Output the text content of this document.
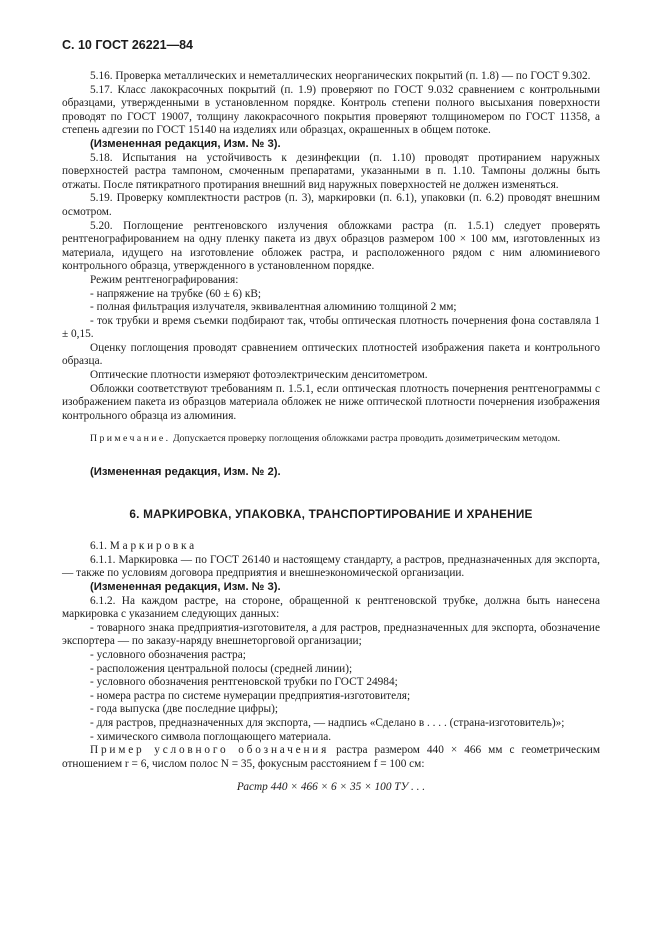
С. 10 ГОСТ 26221—84

5.16. Проверка металлических и неметаллических неорганических покрытий (п. 1.8) — по ГОСТ 9.302.

5.17. Класс лакокрасочных покрытий (п. 1.9) проверяют по ГОСТ 9.032 сравнением с контрольными образцами, утвержденными в установленном порядке. Контроль степени полного высыхания поверхности проводят по ГОСТ 19007, толщину лакокрасочного покрытия проверяют толщиномером по ГОСТ 11358, а степень адгезии по ГОСТ 15140 на изделиях или образцах, окрашенных в общем потоке.

(Измененная редакция, Изм. № 3).

5.18. Испытания на устойчивость к дезинфекции (п. 1.10) проводят протиранием наружных поверхностей растра тампоном, смоченным препаратами, указанными в п. 1.10. Тампоны должны быть отжаты. После пятикратного протирания внешний вид наружных поверхностей не должен изменяться.

5.19. Проверку комплектности растров (п. 3), маркировки (п. 6.1), упаковки (п. 6.2) проводят внешним осмотром.

5.20. Поглощение рентгеновского излучения обложками растра (п. 1.5.1) следует проверять рентгенографированием на одну пленку пакета из двух образцов размером 100 × 100 мм, изготовленных из материала, идущего на изготовление обложек растра, и расположенного рядом с ним алюминиевого контрольного образца, утвержденного в установленном порядке.

Режим рентгенографирования:

- напряжение на трубке (60 ± 6) кВ;

- полная фильтрация излучателя, эквивалентная алюминию толщиной 2 мм;

- ток трубки и время съемки подбирают так, чтобы оптическая плотность почернения фона составляла 1 ± 0,15.

Оценку поглощения проводят сравнением оптических плотностей изображения пакета и контрольного образца.

Оптические плотности измеряют фотоэлектрическим денситометром.

Обложки соответствуют требованиям п. 1.5.1, если оптическая плотность почернения рентгенограммы с изображением пакета из образцов материала обложек не ниже оптической плотности почернения изображения контрольного образца из алюминия.

Примечание. Допускается проверку поглощения обложками растра проводить дозиметрическим методом.

(Измененная редакция, Изм. № 2).

6. МАРКИРОВКА, УПАКОВКА, ТРАНСПОРТИРОВАНИЕ И ХРАНЕНИЕ

6.1. Маркировка

6.1.1. Маркировка — по ГОСТ 26140 и настоящему стандарту, а растров, предназначенных для экспорта, — также по условиям договора предприятия и внешнеэкономической организации.

(Измененная редакция, Изм. № 3).

6.1.2. На каждом растре, на стороне, обращенной к рентгеновской трубке, должна быть нанесена маркировка с указанием следующих данных:

- товарного знака предприятия-изготовителя, а для растров, предназначенных для экспорта, обозначение экспортера — по заказу-наряду внешнеторговой организации;

- условного обозначения растра;

- расположения центральной полосы (средней линии);

- условного обозначения рентгеновской трубки по ГОСТ 24984;

- номера растра по системе нумерации предприятия-изготовителя;

- года выпуска (две последние цифры);

- для растров, предназначенных для экспорта, — надпись «Сделано в . . . . (страна-изготовитель)»;

- химического символа поглощающего материала.

Пример условного обозначения растра размером 440 × 466 мм с геометрическим отношением r = 6, числом полос N = 35, фокусным расстоянием f = 100 см:

Растр 440 × 466 × 6 × 35 × 100 ТУ . . .
